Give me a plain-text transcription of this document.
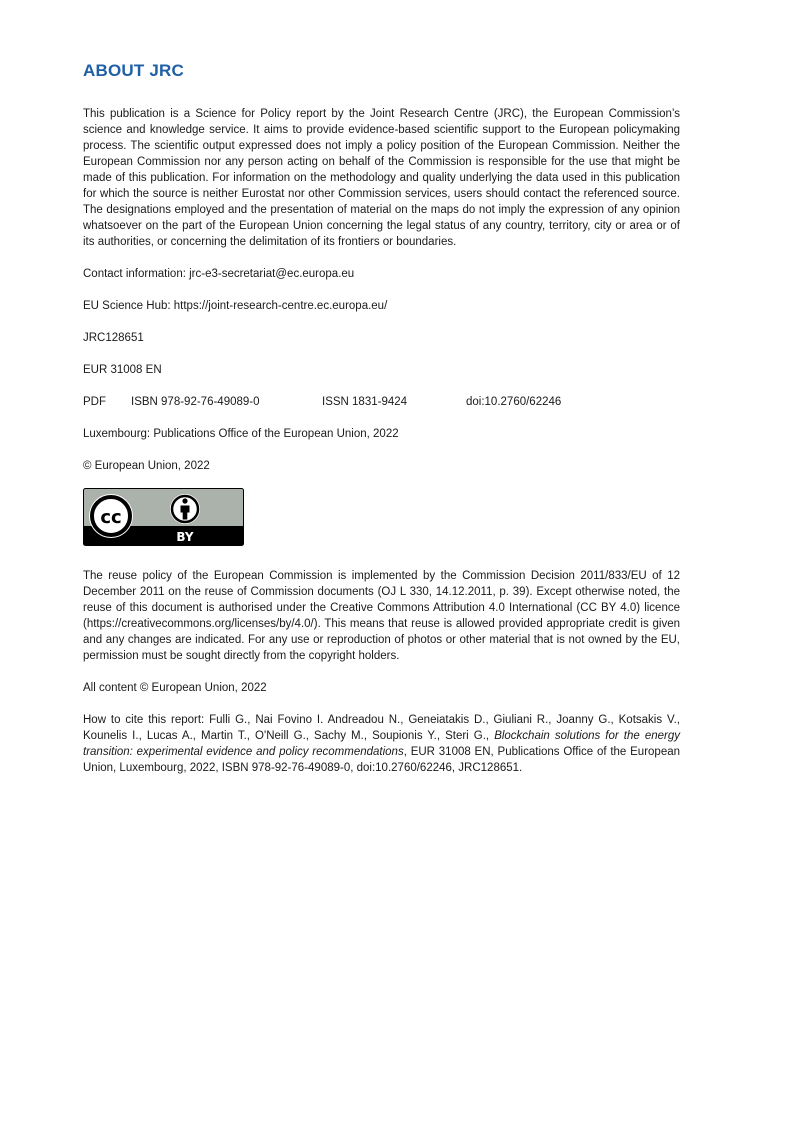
ABOUT JRC

This publication is a Science for Policy report by the Joint Research Centre (JRC), the European Commission’s science and knowledge service. It aims to provide evidence-based scientific support to the European policymaking process. The scientific output expressed does not imply a policy position of the European Commission. Neither the European Commission nor any person acting on behalf of the Commission is responsible for the use that might be made of this publication. For information on the methodology and quality underlying the data used in this publication for which the source is neither Eurostat nor other Commission services, users should contact the referenced source. The designations employed and the presentation of material on the maps do not imply the expression of any opinion whatsoever on the part of the European Union concerning the legal status of any country, territory, city or area or of its authorities, or concerning the delimitation of its frontiers or boundaries.

Contact information: jrc-e3-secretariat@ec.europa.eu

EU Science Hub: https://joint-research-centre.ec.europa.eu/

JRC128651

EUR 31008 EN

PDF	ISBN 978-92-76-49089-0	ISSN 1831-9424	doi:10.2760/62246

Luxembourg: Publications Office of the European Union, 2022

© European Union, 2022

cc
BY

The reuse policy of the European Commission is implemented by the Commission Decision 2011/833/EU of 12 December 2011 on the reuse of Commission documents (OJ L 330, 14.12.2011, p. 39). Except otherwise noted, the reuse of this document is authorised under the Creative Commons Attribution 4.0 International (CC BY 4.0) licence (https://creativecommons.org/licenses/by/4.0/). This means that reuse is allowed provided appropriate credit is given and any changes are indicated. For any use or reproduction of photos or other material that is not owned by the EU, permission must be sought directly from the copyright holders.

All content © European Union, 2022

How to cite this report: Fulli G., Nai Fovino I. Andreadou N., Geneiatakis D., Giuliani R., Joanny G., Kotsakis V., Kounelis I., Lucas A., Martin T., O'Neill G., Sachy M., Soupionis Y., Steri G., Blockchain solutions for the energy transition: experimental evidence and policy recommendations, EUR 31008 EN, Publications Office of the European Union, Luxembourg, 2022, ISBN 978-92-76-49089-0, doi:10.2760/62246, JRC128651.
